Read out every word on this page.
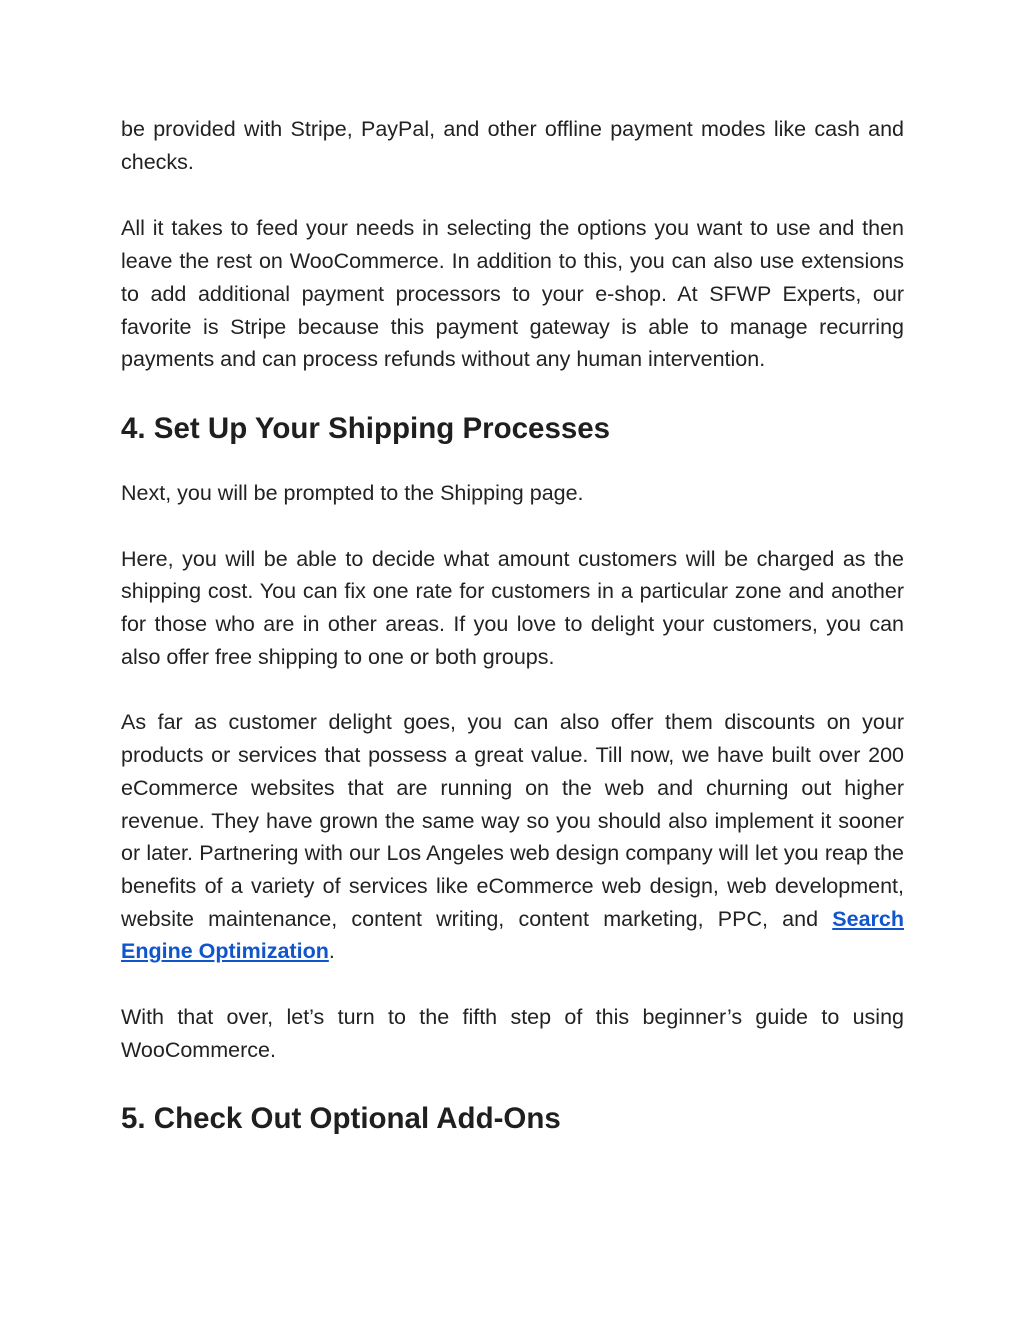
be provided with Stripe, PayPal, and other offline payment modes like cash and checks.

All it takes to feed your needs in selecting the options you want to use and then leave the rest on WooCommerce. In addition to this, you can also use extensions to add additional payment processors to your e-shop. At SFWP Experts, our favorite is Stripe because this payment gateway is able to manage recurring payments and can process refunds without any human intervention.

4. Set Up Your Shipping Processes

Next, you will be prompted to the Shipping page.

Here, you will be able to decide what amount customers will be charged as the shipping cost. You can fix one rate for customers in a particular zone and another for those who are in other areas. If you love to delight your customers, you can also offer free shipping to one or both groups.

As far as customer delight goes, you can also offer them discounts on your products or services that possess a great value. Till now, we have built over 200 eCommerce websites that are running on the web and churning out higher revenue. They have grown the same way so you should also implement it sooner or later. Partnering with our Los Angeles web design company will let you reap the benefits of a variety of services like eCommerce web design, web development, website maintenance, content writing, content marketing, PPC, and Search Engine Optimization.

With that over, let’s turn to the fifth step of this beginner’s guide to using WooCommerce.

5. Check Out Optional Add-Ons
